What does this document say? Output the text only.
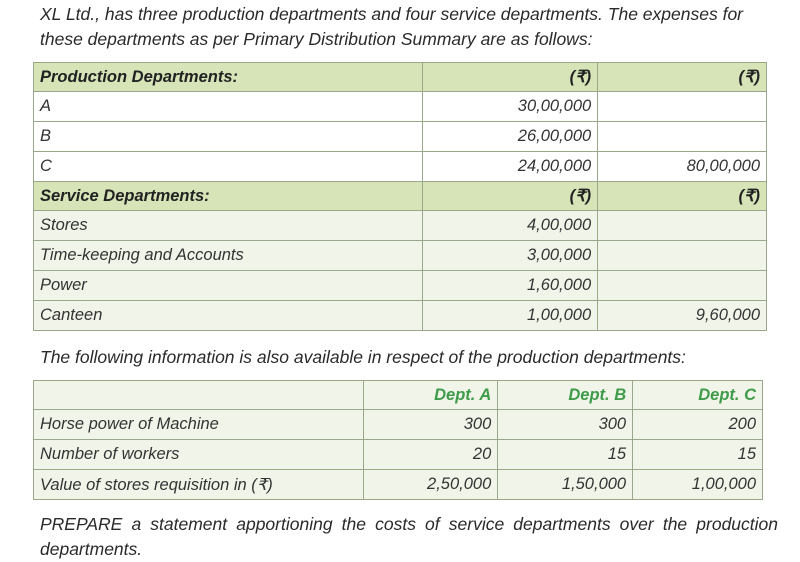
XL Ltd., has three production departments and four service departments. The expenses for these departments as per Primary Distribution Summary are as follows:
Production Departments:	(₹)	(₹)
A	30,00,000	
B	26,00,000	
C	24,00,000	80,00,000
Service Departments:	(₹)	(₹)
Stores	4,00,000	
Time-keeping and Accounts	3,00,000	
Power	1,60,000	
Canteen	1,00,000	9,60,000
The following information is also available in respect of the production departments:
	Dept. A	Dept. B	Dept. C
Horse power of Machine	300	300	200
Number of workers	20	15	15
Value of stores requisition in (₹)	2,50,000	1,50,000	1,00,000
PREPARE a statement apportioning the costs of service departments over the production departments.
